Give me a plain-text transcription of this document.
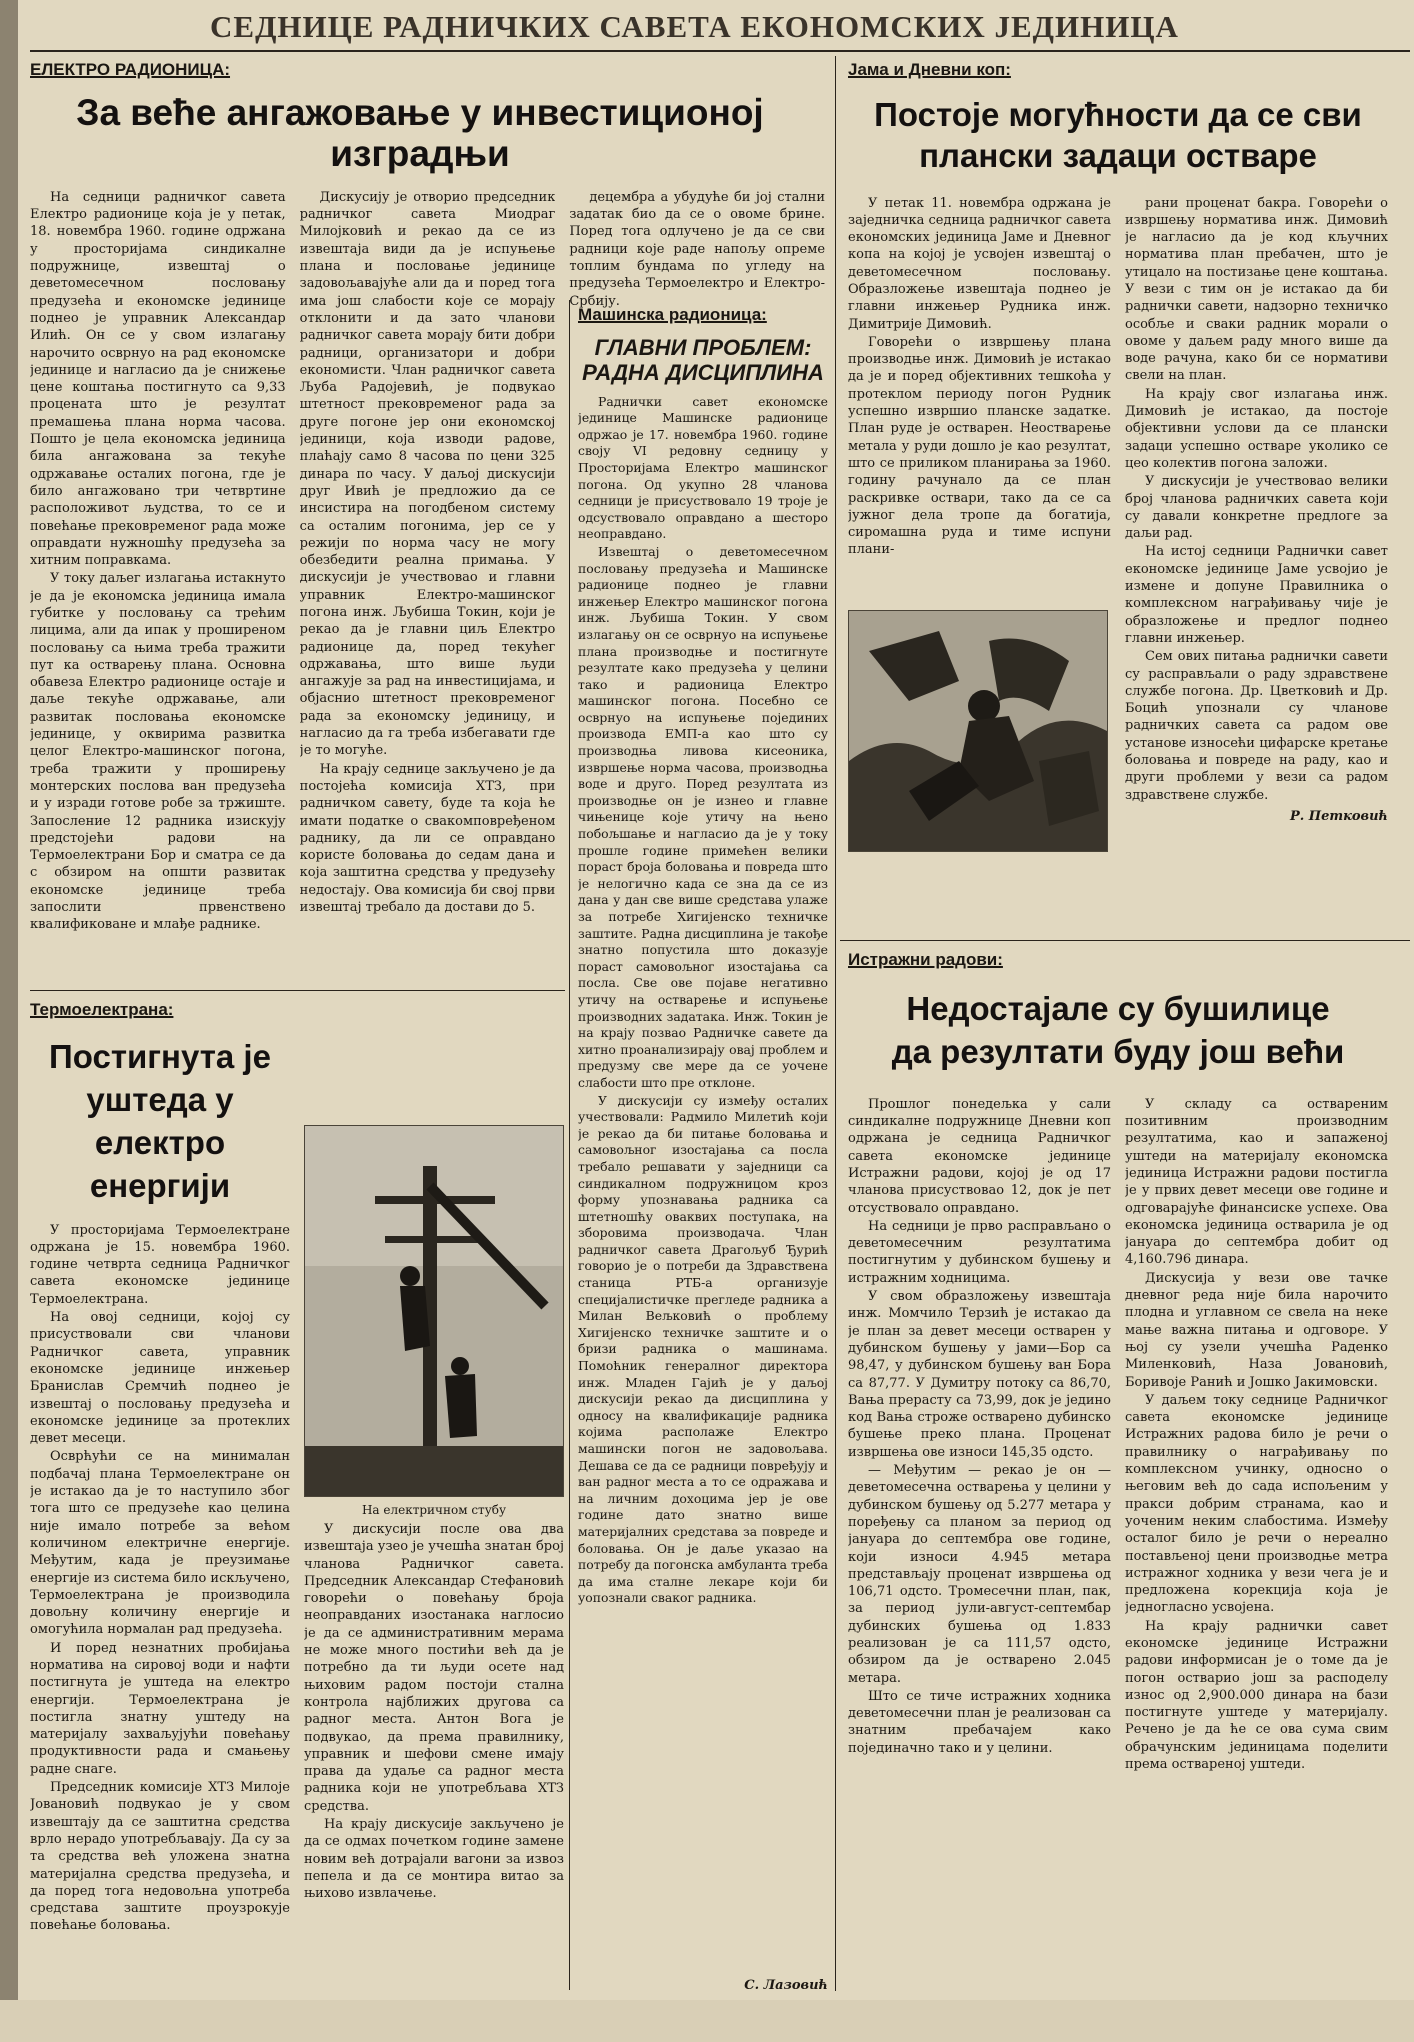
СЕДНИЦЕ РАДНИЧКИХ САВЕТА ЕКОНОМСКИХ ЈЕДИНИЦА
ЕЛЕКТРО РАДИОНИЦА:
За веће ангажовање у инвестиционој изградњи

На седници радничког савета Електро радионице која је у петак, 18. новембра 1960. године одржана у просторијама синдикалне подружнице, извештај о деветомесечном пословању предузећа и економске јединице поднео је управник Александар Илић. Он се у свом излагању нарочито осврнуо на рад економске јединице и нагласио да је снижење цене коштања постигнуто са 9,33 процената што је резултат премашења плана норма часова. Пошто је цела економска јединица била ангажована за текуће одржавање осталих погона, где је било ангажовано три четвртине расположивот људства, то се и повећање прековременог рада може оправдати нужношћу предузећа за хитним поправкама.

У току даљег излагања истакнуто је да је економска јединица имала губитке у пословању са трећим лицима, али да ипак у проширеном пословању са њима треба тражити пут ка остварењу плана. Основна обавеза Електро радионице остаје и даље текуће одржавање, али развитак пословања економске јединице, у оквирима развитка целог Електро-машинског погона, треба тражити у проширењу монтерских послова ван предузећа и у изради готове робе за тржиште. Запосление 12 радника изискују предстојећи радови на Термоелектрани Бор и сматра се да с обзиром на општи развитак економске јединице треба запослити првенствено квалификоване и млађе раднике.

Дискусију је отворио председник радничког савета Миодраг Милојковић и рекао да се из извештаја види да је испуњење плана и пословање јединице задовољавајуће али да и поред тога има још слабости које се морају отклонити и да зато чланови радничког савета морају бити добри радници, организатори и добри економисти. Члан радничког савета Љуба Радојевић, је подвукао штетност прековременог рада за друге погоне јер они економској јединици, која изводи радове, плаћају само 8 часова по цени 325 динара по часу. У даљој дискусији друг Ивић је предложио да се инсистира на погодбеном систему са осталим погонима, јер се у режији по норма часу не могу обезбедити реална примања. У дискусији је учествовао и главни управник Електро-машинског погона инж. Љубиша Токин, који је рекао да је главни циљ Електро радионице да, поред текућег одржавања, што више људи ангажује за рад на инвестицијама, и објаснио штетност прековременог рада за економску јединицу, и нагласио да га треба избегавати где је то могуће.

На крају седнице закључено је да постојећа комисија ХТЗ, при радничком савету, буде та која ће имати податке о свакомповређеном раднику, да ли се оправдано користе боловања до седам дана и која заштитна средства у предузећу недостају. Ова комисија би свој први извештај требало да достави до 5.

децембра а убудуће би јој стални задатак био да се о овоме брине. Поред тога одлучено је да се сви радници које раде напољу опреме топлим бундама по угледу на предузећа Термоелектро и Електро-Србију.

Машинска радионица:
ГЛАВНИ ПРОБЛЕМ: РАДНА ДИСЦИПЛИНА

Раднички савет економске јединице Машинске радионице одржао је 17. новембра 1960. године своју VI редовну седницу у Просторијама Електро машинског погона. Од укупно 28 чланова седници је присуствовало 19 троје је одсуствовало оправдано а шесторо неоправдано.

Извештај о деветомесечном пословању предузећа и Машинске радионице поднео је главни инжењер Електро машинског погона инж. Љубиша Токин. У свом излагању он се осврнуо на испуњење плана производње и постигнуте резултате како предузећа у целини тако и радионица Електро машинског погона. Посебно се осврнуо на испуњење појединих производа ЕМП-а као што су производња ливова кисеоника, извршење норма часова, производња воде и друго. Поред резултата из производње он је изнео и главне чињенице које утичу на њено побољшање и нагласио да је у току прошле године примећен велики пораст броја боловања и повреда што је нелогично када се зна да се из дана у дан све више средстава улаже за потребе Хигијенско техничке заштите. Радна дисциплина је такође знатно попустила што доказује пораст самовољног изостајања са посла. Све ове појаве негативно утичу на остварење и испуњење производних задатака. Инж. Токин је на крају позвао Радничке савете да хитно проанализирају овај проблем и предузму све мере да се уочене слабости што пре отклоне.

У дискусији су између осталих учествовали: Радмило Милетић који је рекао да би питање боловања и самовољног изостајања са посла требало решавати у заједници са синдикалном подружницом кроз форму упознавања радника са штетношћу оваквих поступака, на зборовима производача. Члан радничког савета Драгољуб Ђурић говорио је о потреби да Здравствена станица РТБ-а организује специјалистичке прегледе радника а Милан Вељковић о проблему Хигијенско техничке заштите и о бризи радника о машинама. Помоћник генералног директора инж. Младен Гајић је у даљој дискусији рекао да дисциплина у односу на квалификације радника којима располаже Електро машински погон не задовољава. Дешава се да се радници повређују и ван радног места а то се одражава и на личним дохоцима јер је ове године дато знатно више материјалних средстава за повреде и боловања. Он је даље указао на потребу да погонска амбуланта треба да има сталне лекаре који би уопознали сваког радника.

С. Лазовић
Јама и Дневни коп:
Постоје могућности да се сви плански задаци остваре

У петак 11. новембра одржана је заједничка седница радничког савета економских јединица Јаме и Дневног копа на којој је усвојен извештај о деветомесечном пословању. Образложење извештаја поднео је главни инжењер Рудника инж. Димитрије Димовић.

Говорећи о извршењу плана производње инж. Димовић је истакао да је и поред објективних тешкоћа у протеклом периоду погон Рудник успешно извршио планске задатке. План руде је остварен. Неостварење метала у руди дошло је као резултат, што се приликом планирања за 1960. годину рачунало да се план раскривке оствари, тако да се са јужног дела тропе да богатија, сиромашна руда и тиме испуни плани-

рани проценат бакра. Говорећи о извршењу норматива инж. Димовић је нагласио да је код кључних норматива план пребачен, што је утицало на постизање цене коштања. У вези с тим он је истакао да би раднички савети, надзорно техничко особље и сваки радник морали о овоме у даљем раду много више да воде рачуна, како би се нормативи свели на план.

На крају свог излагања инж. Димовић је истакао, да постоје објективни услови да се плански задаци успешно остваре уколико се цео колектив погона заложи.

У дискусији је учествовао велики број чланова радничких савета који су давали конкретне предлоге за даљи рад.

На истој седници Раднички савет економске јединице Јаме усвојио је измене и допуне Правилника о комплексном награђивању чије је образложење и предлог поднео главни инжењер.

Сем ових питања раднички савети су расправљали о раду здравствене службе погона. Др. Цветковић и Др. Боцић упознали су чланове радничких савета са радом ове установе износећи цифарске кретање боловања и повреде на раду, као и други проблеми у вези са радом здравствене службе.

Р. Петковић
Термоелектрана:
Постигнута је уштеда у електро енергији

У просторијама Термоелектране одржана је 15. новембра 1960. године четврта седница Радничког савета економске јединице Термоелектрана.

На овој седници, којој су присуствовали сви чланови Радничког савета, управник економске јединице инжењер Бранислав Сремчић поднео је извештај о пословању предузећа и економске јединице за протеклих девет месеци.

Осврћући се на минималан подбачај плана Термоелектране он је истакао да је то наступило због тога што се предузеће као целина није имало потребе за већом количином електричне енергије. Међутим, када је преузимање енергије из система било искључено, Термоелектрана је производила довољну количину енергије и омогућила нормалан рад предузећа.

И поред незнатних пробијања норматива на сировој води и нафти постигнута је уштеда на електро енергији. Термоелектрана је постигла знатну уштеду на материјалу захваљујући повећању продуктивности рада и смањењу радне снаге.

Председник комисије ХТЗ Милоје Јовановић подвукао је у свом извештају да се заштитна средства врло нерадо употребљавају. Да су за та средства већ уложена знатна материјална средства предузећа, и да поред тога недовољна употреба средстава заштите проузрокује повећање боловања.

На електричном стубу

У дискусији после ова два извештаја узео је учешћа знатан број чланова Радничког савета. Председник Александар Стефановић говорећи о повећању броја неоправданих изостанака наглосио је да се административним мерама не може много постићи већ да је потребно да ти људи осете над њиховим радом постоји стална контрола најближих другова са радног места. Антон Вога је подвукао, да према правилнику, управник и шефови смене имају права да удаље са радног места радника који не употребљава ХТЗ средства.

На крају дискусије закључено је да се одмах почетком године замене новим већ дотрајали вагони за извоз пепела и да се монтира витао за њихово извлачење.

Истражни радови:
Недостајале су бушилице да резултати буду још већи

Прошлог понедељка у сали синдикалне подружнице Дневни коп одржана је седница Радничког савета економске јединице Истражни радови, којој је од 17 чланова присуствовао 12, док је пет отсуствовало оправдано.

На седници је прво расправљано о деветомесечним резултатима постигнутим у дубинском бушењу и истражним ходницима.

У свом образложењу извештаја инж. Момчило Терзић је истакао да је план за девет месеци остварен у дубинском бушењу у јами—Бор са 98,47, у дубинском бушењу ван Бора са 87,77. У Думитру потоку са 86,70, Вања прерасту са 73,99, док је једино код Вања строже остварено дубинско бушење преко плана. Проценат извршења ове износи 145,35 одсто.

— Међутим — рекао је он — деветомесечна остварења у целини у дубинском бушењу од 5.277 метара у поређењу са планом за период од јануара до септембра ове године, који износи 4.945 метара представљају проценат извршења од 106,71 одсто. Тромесечни план, пак, за период јули-август-септембар дубинских бушења од 1.833 реализован је са 111,57 одсто, обзиром да је остварено 2.045 метара.

Што се тиче истражних ходника деветомесечни план је реализован са знатним пребачајем како појединачно тако и у целини.

У складу са оствареним позитивним производним резултатима, као и запаженој уштеди на материјалу економска јединица Истражни радови постигла је у првих девет месеци ове године и одговарајуће финансиске успехе. Ова економска јединица остварила је од јануара до септембра добит од 4,160.796 динара.

Дискусија у вези ове тачке дневног реда није била нарочито плодна и углавном се свела на неке мање важна питања и одговоре. У њој су узели учешћа Раденко Миленковић, Наза Јовановић, Боривоје Ранић и Јошко Јакимовски.

У даљем току седнице Радничког савета економске јединице Истражних радова било је речи о правилнику о награђивању по комплексном учинку, односно о његовим већ до сада испољеним у пракси добрим странама, као и уоченим неким слабостима. Између осталог било је речи о нереално постављеној цени производње метра истражног ходника у вези чега је и предложена корекција која је једногласно усвојена.

На крају раднички савет економске јединице Истражни радови информисан је о томе да је погон остварио још за расподелу износ од 2,900.000 динара на бази постигнуте уштеде у материјалу. Речено је да ће се ова сума свим обрачунским јединицама поделити према оствареној уштеди.
